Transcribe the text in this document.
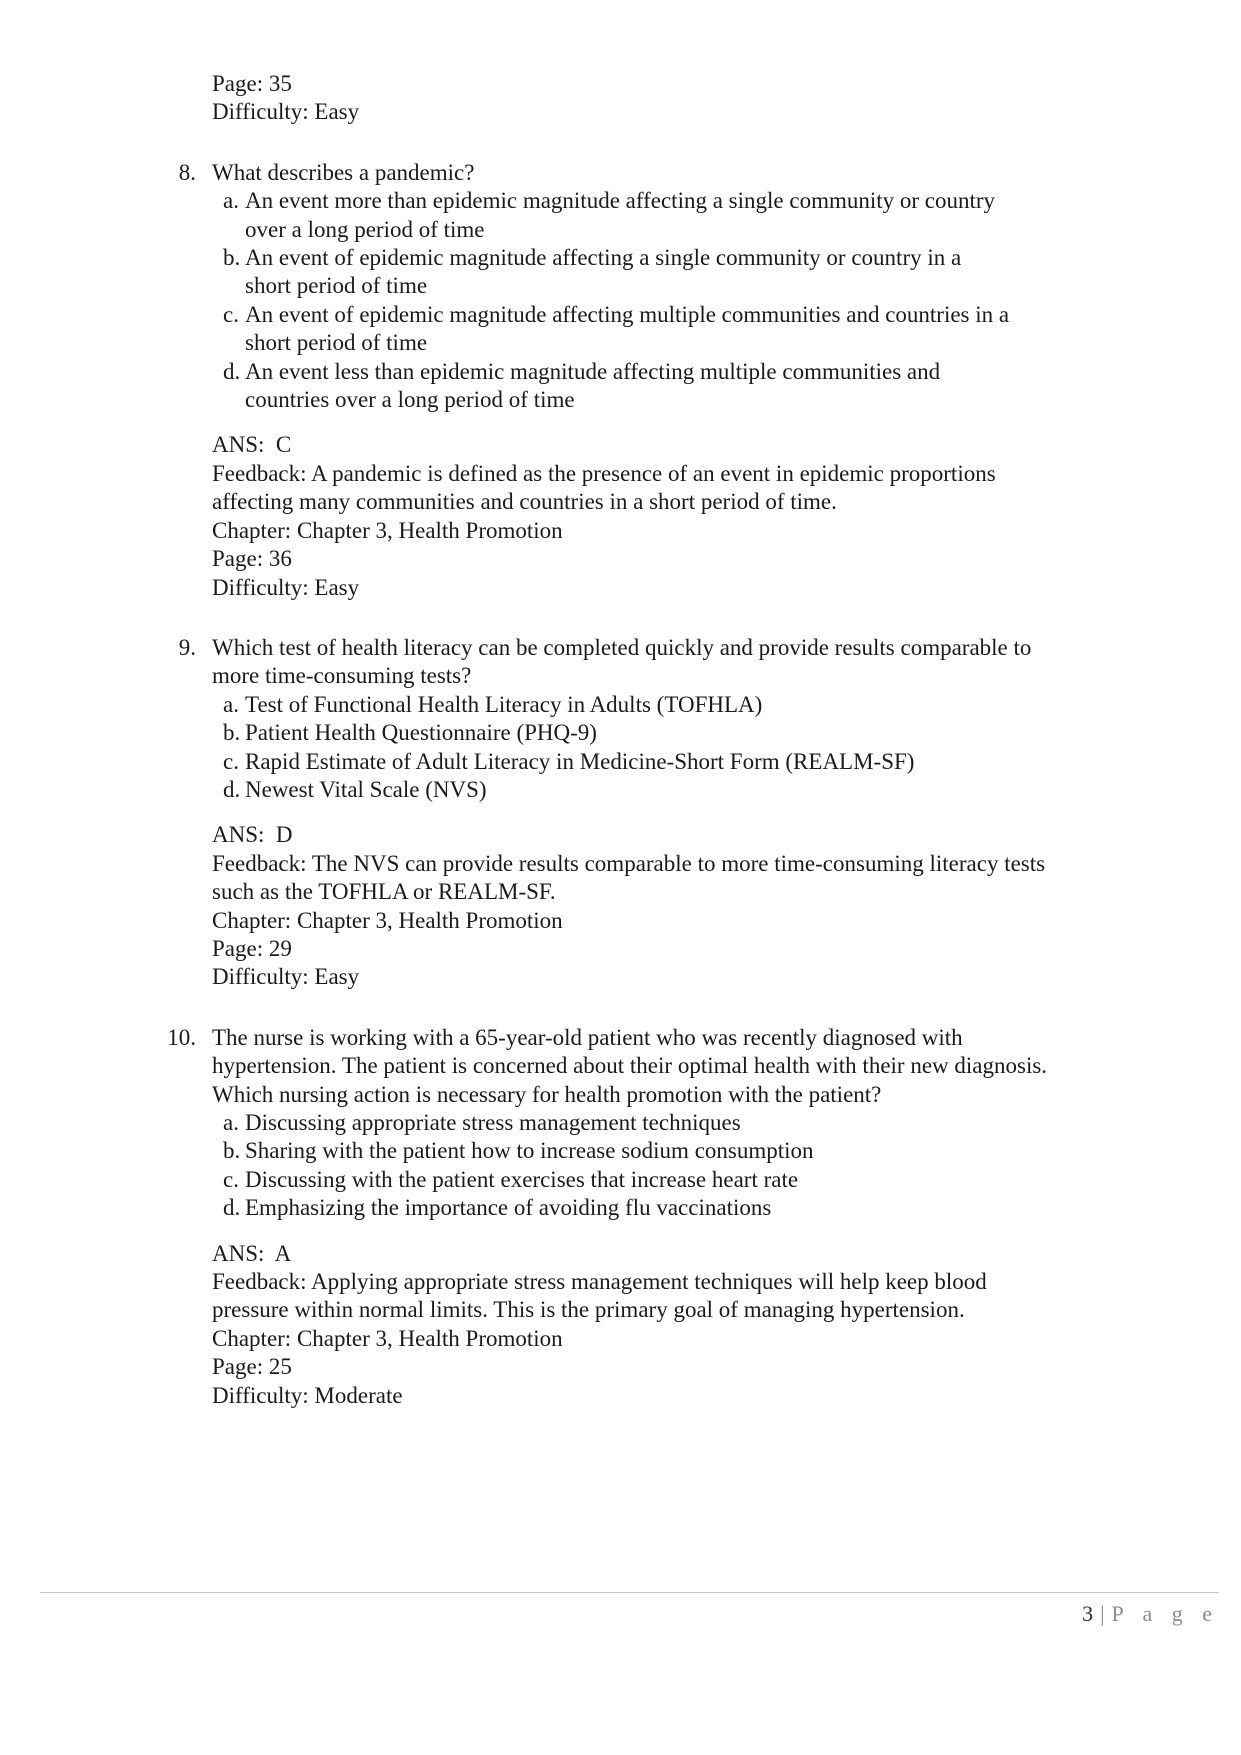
Page: 35
Difficulty: Easy
8. What describes a pandemic?
a. An event more than epidemic magnitude affecting a single community or country
over a long period of time
b. An event of epidemic magnitude affecting a single community or country in a
short period of time
c. An event of epidemic magnitude affecting multiple communities and countries in a
short period of time
d. An event less than epidemic magnitude affecting multiple communities and
countries over a long period of time
ANS:  C
Feedback: A pandemic is defined as the presence of an event in epidemic proportions
affecting many communities and countries in a short period of time.
Chapter: Chapter 3, Health Promotion
Page: 36
Difficulty: Easy
9. Which test of health literacy can be completed quickly and provide results comparable to
more time-consuming tests?
a. Test of Functional Health Literacy in Adults (TOFHLA)
b. Patient Health Questionnaire (PHQ-9)
c. Rapid Estimate of Adult Literacy in Medicine-Short Form (REALM-SF)
d. Newest Vital Scale (NVS)
ANS:  D
Feedback: The NVS can provide results comparable to more time-consuming literacy tests
such as the TOFHLA or REALM-SF.
Chapter: Chapter 3, Health Promotion
Page: 29
Difficulty: Easy
10. The nurse is working with a 65-year-old patient who was recently diagnosed with
hypertension. The patient is concerned about their optimal health with their new diagnosis.
Which nursing action is necessary for health promotion with the patient?
a. Discussing appropriate stress management techniques
b. Sharing with the patient how to increase sodium consumption
c. Discussing with the patient exercises that increase heart rate
d. Emphasizing the importance of avoiding flu vaccinations
ANS:  A
Feedback: Applying appropriate stress management techniques will help keep blood
pressure within normal limits. This is the primary goal of managing hypertension.
Chapter: Chapter 3, Health Promotion
Page: 25
Difficulty: Moderate
3 | P a g e
